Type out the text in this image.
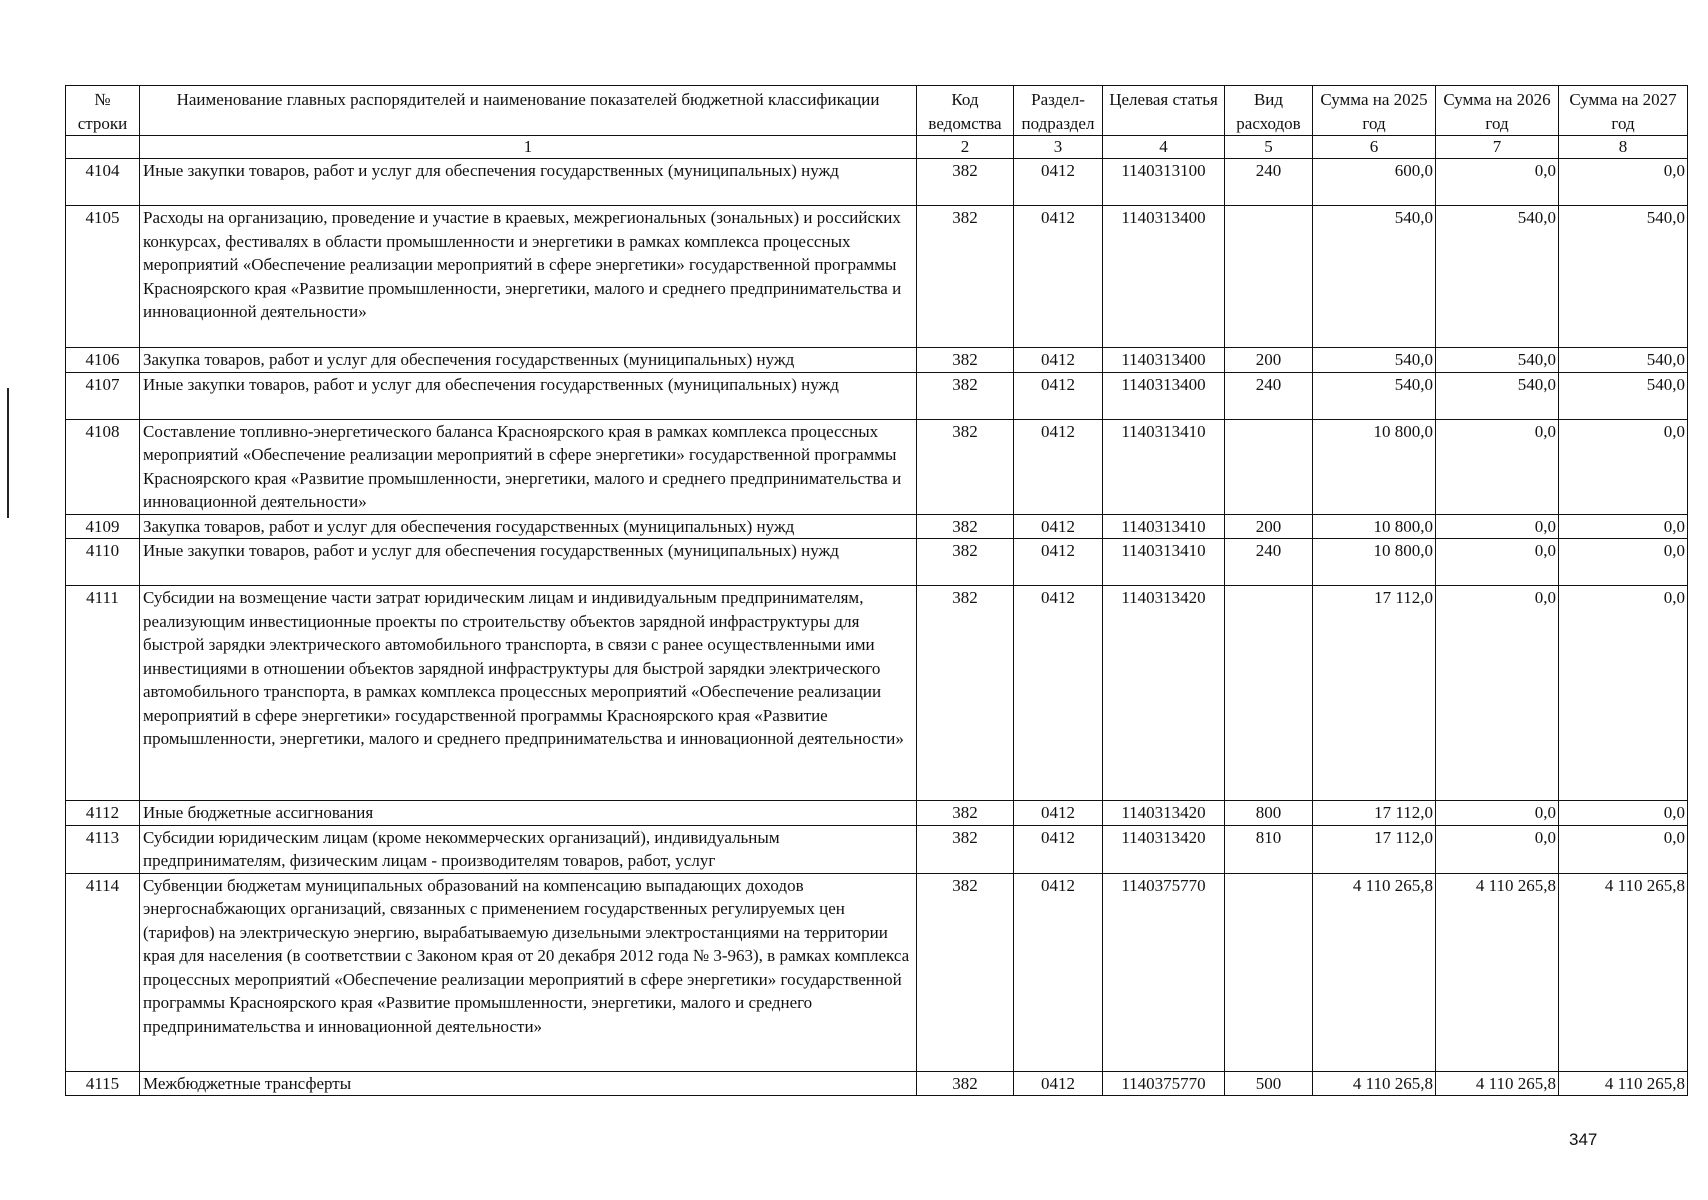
№ строки	Наименование главных распорядителей и наименование показателей бюджетной классификации	Код ведомства	Раздел-подраздел	Целевая статья	Вид расходов	Сумма на 2025 год	Сумма на 2026 год	Сумма на 2027 год
	1	2	3	4	5	6	7	8
4104	Иные закупки товаров, работ и услуг для обеспечения государственных (муниципальных) нужд	382	0412	1140313100	240	600,0	0,0	0,0
4105	Расходы на организацию, проведение и участие в краевых, межрегиональных (зональных) и российских конкурсах, фестивалях в области промышленности и энергетики в рамках комплекса процессных мероприятий «Обеспечение реализации мероприятий в сфере энергетики» государственной программы Красноярского края «Развитие промышленности, энергетики, малого и среднего предпринимательства и инновационной деятельности»	382	0412	1140313400		540,0	540,0	540,0
4106	Закупка товаров, работ и услуг для обеспечения государственных (муниципальных) нужд	382	0412	1140313400	200	540,0	540,0	540,0
4107	Иные закупки товаров, работ и услуг для обеспечения государственных (муниципальных) нужд	382	0412	1140313400	240	540,0	540,0	540,0
4108	Составление топливно-энергетического баланса Красноярского края в рамках комплекса процессных мероприятий «Обеспечение реализации мероприятий в сфере энергетики» государственной программы Красноярского края «Развитие промышленности, энергетики, малого и среднего предпринимательства и инновационной деятельности»	382	0412	1140313410		10 800,0	0,0	0,0
4109	Закупка товаров, работ и услуг для обеспечения государственных (муниципальных) нужд	382	0412	1140313410	200	10 800,0	0,0	0,0
4110	Иные закупки товаров, работ и услуг для обеспечения государственных (муниципальных) нужд	382	0412	1140313410	240	10 800,0	0,0	0,0
4111	Субсидии на возмещение части затрат юридическим лицам и индивидуальным предпринимателям, реализующим инвестиционные проекты по строительству объектов зарядной инфраструктуры для быстрой зарядки электрического автомобильного транспорта, в связи с ранее осуществленными ими инвестициями в отношении объектов зарядной инфраструктуры для быстрой зарядки электрического автомобильного транспорта, в рамках комплекса процессных мероприятий «Обеспечение реализации мероприятий в сфере энергетики» государственной программы Красноярского края «Развитие промышленности, энергетики, малого и среднего предпринимательства и инновационной деятельности»	382	0412	1140313420		17 112,0	0,0	0,0
4112	Иные бюджетные ассигнования	382	0412	1140313420	800	17 112,0	0,0	0,0
4113	Субсидии юридическим лицам (кроме некоммерческих организаций), индивидуальным предпринимателям, физическим лицам - производителям товаров, работ, услуг	382	0412	1140313420	810	17 112,0	0,0	0,0
4114	Субвенции бюджетам муниципальных образований на компенсацию выпадающих доходов энергоснабжающих организаций, связанных с применением государственных регулируемых цен (тарифов) на электрическую энергию, вырабатываемую дизельными электростанциями на территории края для населения (в соответствии с Законом края от 20 декабря 2012 года № 3-963), в рамках комплекса процессных мероприятий «Обеспечение реализации мероприятий в сфере энергетики» государственной программы Красноярского края «Развитие промышленности, энергетики, малого и среднего предпринимательства и инновационной деятельности»	382	0412	1140375770		4 110 265,8	4 110 265,8	4 110 265,8
4115	Межбюджетные трансферты	382	0412	1140375770	500	4 110 265,8	4 110 265,8	4 110 265,8
347
